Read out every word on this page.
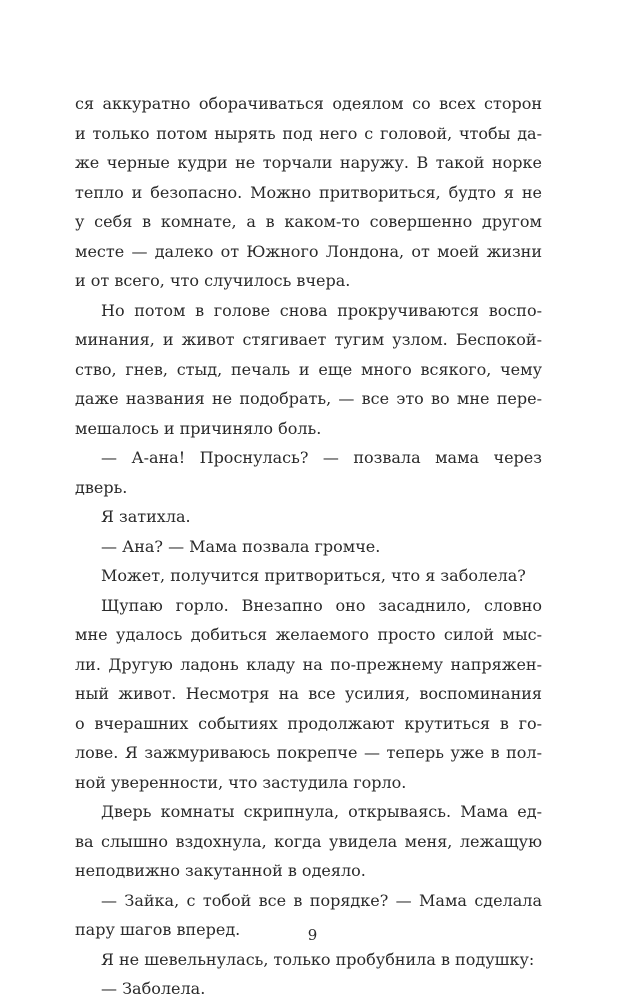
ся аккуратно оборачиваться одеялом со всех сторон
и только потом нырять под него с головой, чтобы да-
же черные кудри не торчали наружу. В такой норке
тепло и безопасно. Можно притвориться, будто я не
у себя в комнате, а в каком-то совершенно другом
месте — далеко от Южного Лондона, от моей жизни
и от всего, что случилось вчера.
Но потом в голове снова прокручиваются воспо-
минания, и живот стягивает тугим узлом. Беспокой-
ство, гнев, стыд, печаль и еще много всякого, чему
даже названия не подобрать, — все это во мне пере-
мешалось и причиняло боль.
— А-ана! Проснулась? — позвала мама через
дверь.
Я затихла.
— Ана? — Мама позвала громче.
Может, получится притвориться, что я заболела?
Щупаю горло. Внезапно оно засаднило, словно
мне удалось добиться желаемого просто силой мыс-
ли. Другую ладонь кладу на по-прежнему напряжен-
ный живот. Несмотря на все усилия, воспоминания
о вчерашних событиях продолжают крутиться в го-
лове. Я зажмуриваюсь покрепче — теперь уже в пол-
ной уверенности, что застудила горло.
Дверь комнаты скрипнула, открываясь. Мама ед-
ва слышно вздохнула, когда увидела меня, лежащую
неподвижно закутанной в одеяло.
— Зайка, с тобой все в порядке? — Мама сделала
пару шагов вперед.
Я не шевельнулась, только пробубнила в подушку:
— Заболела.
9
